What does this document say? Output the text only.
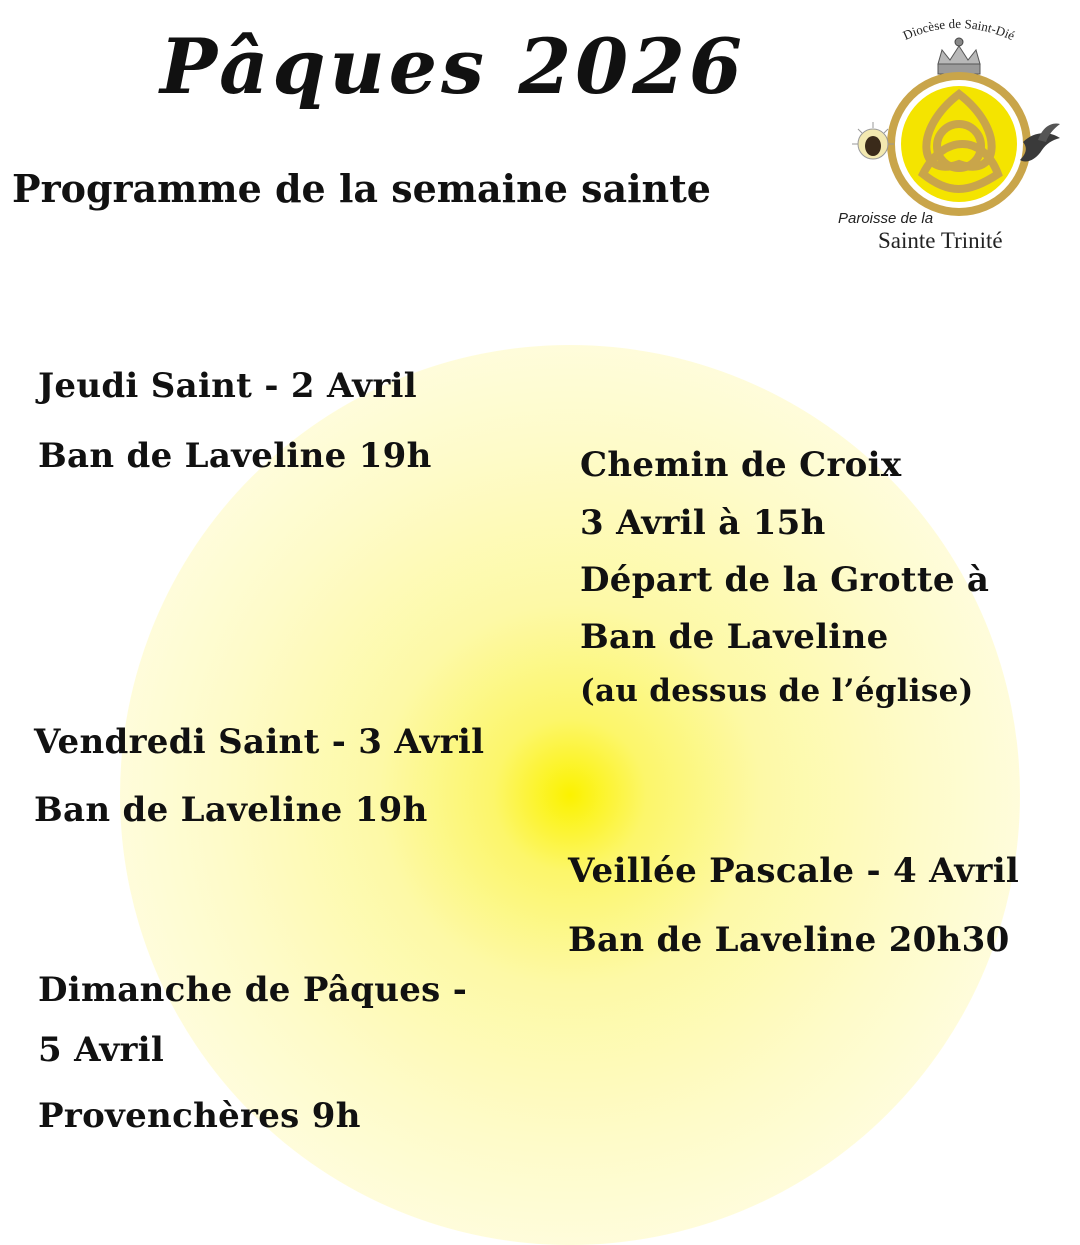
Pâques 2026
Programme de la semaine sainte
Diocèse de Saint-Dié

Paroisse de la

Sainte Trinité

Jeudi Saint - 2 Avril

Ban de Laveline 19h	Chemin de Croix

3 Avril à 15h

Départ de la Grotte à

Ban de Laveline

(au dessus de l’église)

Vendredi Saint - 3 Avril

Ban de Laveline 19h

Veillée Pascale - 4 Avril

Ban de Laveline 20h30

Dimanche de Pâques -

5 Avril

Provenchères 9h
